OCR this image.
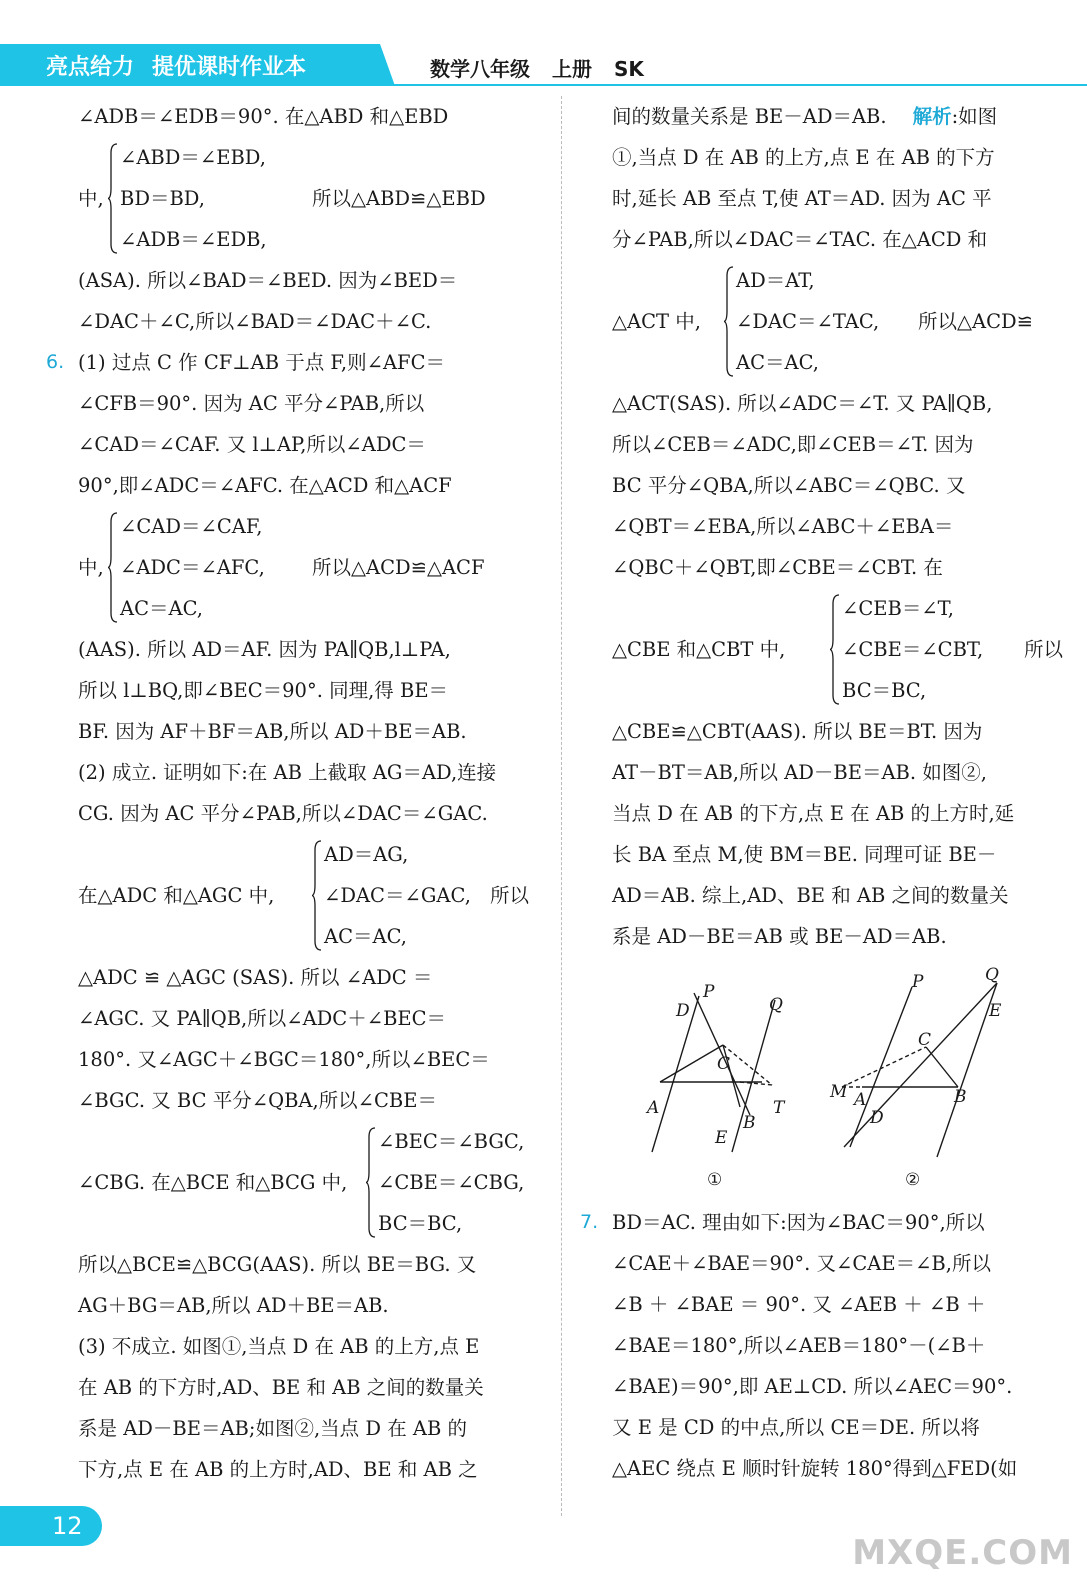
亮点给力 提优课时作业本	数学八年级 上册 SK
∠ADB＝∠EDB＝90°. 在△ABD 和△EBD
中,
∠ABD＝∠EBD,
BD＝BD,
∠ADB＝∠EDB,
所以△ABD≌△EBD
(ASA). 所以∠BAD＝∠BED. 因为∠BED＝
∠DAC＋∠C,所以∠BAD＝∠DAC＋∠C.
6. (1) 过点 C 作 CF⊥AB 于点 F,则∠AFC＝
∠CFB＝90°. 因为 AC 平分∠PAB,所以
∠CAD＝∠CAF. 又 l⊥AP,所以∠ADC＝
90°,即∠ADC＝∠AFC. 在△ACD 和△ACF
中,
∠CAD＝∠CAF,
∠ADC＝∠AFC,
AC＝AC,
所以△ACD≌△ACF
(AAS). 所以 AD＝AF. 因为 PA∥QB,l⊥PA,
所以 l⊥BQ,即∠BEC＝90°. 同理,得 BE＝
BF. 因为 AF＋BF＝AB,所以 AD＋BE＝AB.
(2) 成立. 证明如下:在 AB 上截取 AG＝AD,连接
CG. 因为 AC 平分∠PAB,所以∠DAC＝∠GAC.
在△ADC 和△AGC 中,
AD＝AG,
∠DAC＝∠GAC,
AC＝AC,
所以
△ADC ≌ △AGC (SAS). 所以 ∠ADC ＝
∠AGC. 又 PA∥QB,所以∠ADC＋∠BEC＝
180°. 又∠AGC＋∠BGC＝180°,所以∠BEC＝
∠BGC. 又 BC 平分∠QBA,所以∠CBE＝
∠CBG. 在△BCE 和△BCG 中,
∠BEC＝∠BGC,
∠CBE＝∠CBG,
BC＝BC,
所以△BCE≌△BCG(AAS). 所以 BE＝BG. 又
AG＋BG＝AB,所以 AD＋BE＝AB.
(3) 不成立. 如图①,当点 D 在 AB 的上方,点 E
在 AB 的下方时,AD、BE 和 AB 之间的数量关
系是 AD－BE＝AB;如图②,当点 D 在 AB 的
下方,点 E 在 AB 的上方时,AD、BE 和 AB 之
间的数量关系是 BE－AD＝AB. 解析:如图
①,当点 D 在 AB 的上方,点 E 在 AB 的下方
时,延长 AB 至点 T,使 AT＝AD. 因为 AC 平
分∠PAB,所以∠DAC＝∠TAC. 在△ACD 和
△ACT 中,
AD＝AT,
∠DAC＝∠TAC,
AC＝AC,
所以△ACD≌
△ACT(SAS). 所以∠ADC＝∠T. 又 PA∥QB,
所以∠CEB＝∠ADC,即∠CEB＝∠T. 因为
BC 平分∠QBA,所以∠ABC＝∠QBC. 又
∠QBT＝∠EBA,所以∠ABC＋∠EBA＝
∠QBC＋∠QBT,即∠CBE＝∠CBT. 在
△CBE 和△CBT 中,
∠CEB＝∠T,
∠CBE＝∠CBT,
BC＝BC,
所以
△CBE≌△CBT(AAS). 所以 BE＝BT. 因为
AT－BT＝AB,所以 AD－BE＝AB. 如图②,
当点 D 在 AB 的下方,点 E 在 AB 的上方时,延
长 BA 至点 M,使 BM＝BE. 同理可证 BE－
AD＝AB. 综上,AD、BE 和 AB 之间的数量关
系是 AD－BE＝AB 或 BE－AD＝AB.
P
D	Q
C
A	T
B
E
①
P	Q
E
C
M A	B
D
②
7. BD＝AC. 理由如下:因为∠BAC＝90°,所以
∠CAE＋∠BAE＝90°. 又∠CAE＝∠B,所以
∠B ＋ ∠BAE ＝ 90°. 又 ∠AEB ＋ ∠B ＋
∠BAE＝180°,所以∠AEB＝180°－(∠B＋
∠BAE)＝90°,即 AE⊥CD. 所以∠AEC＝90°.
又 E 是 CD 的中点,所以 CE＝DE. 所以将
△AEC 绕点 E 顺时针旋转 180°得到△FED(如
12
MXQE.COM
